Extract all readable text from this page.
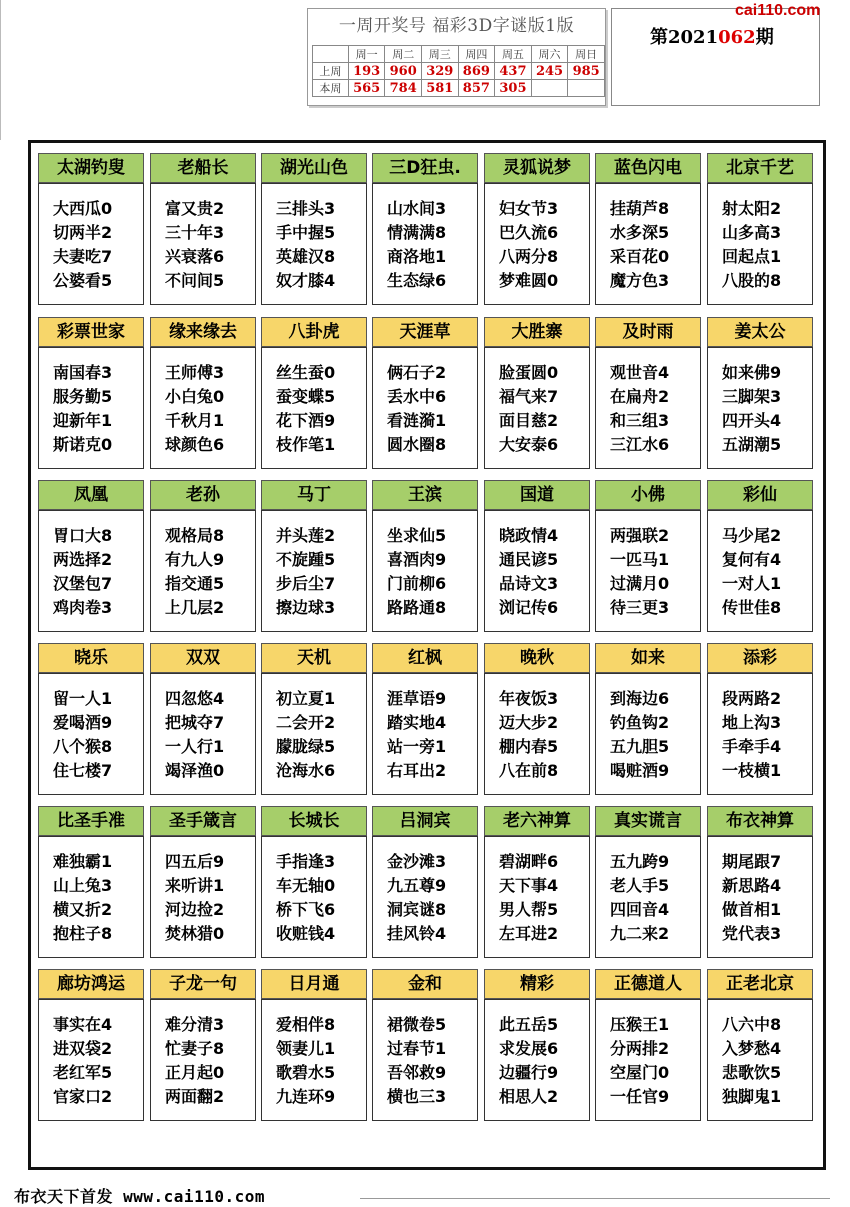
一周开奖号 福彩3D字谜版1版
	周一	周二	周三	周四	周五	周六	周日
上周	193	960	329	869	437	245	985
本周	565	784	581	857	305		
第2021062期
cai110.com
太湖钓叟
大西瓜0
切两半2
夫妻吃7
公婆看5
老船长
富又贵2
三十年3
兴衰落6
不问间5
湖光山色
三排头3
手中握5
英雄汉8
奴才膝4
三D狂虫.
山水间3
情满满8
商洛地1
生态绿6
灵狐说梦
妇女节3
巴久流6
八两分8
梦难圆0
蓝色闪电
挂葫芦8
水多深5
采百花0
魔方色3
北京千艺
射太阳2
山多高3
回起点1
八股的8
彩票世家
南国春3
服务勤5
迎新年1
斯诺克0
缘来缘去
王师傅3
小白兔0
千秋月1
球颜色6
八卦虎
丝生蚕0
蚕变蝶5
花下酒9
枝作笔1
天涯草
俩石子2
丢水中6
看涟漪1
圆水圈8
大胜寨
脸蛋圆0
福气来7
面目慈2
大安泰6
及时雨
观世音4
在扁舟2
和三组3
三江水6
姜太公
如来佛9
三脚架3
四开头4
五湖潮5
凤凰
胃口大8
两选择2
汉堡包7
鸡肉卷3
老孙
观格局8
有九人9
指交通5
上几层2
马丁
并头莲2
不旋踵5
步后尘7
擦边球3
王滨
坐求仙5
喜酒肉9
门前柳6
路路通8
国道
晓政情4
通民谚5
品诗文3
浏记传6
小佛
两强联2
一匹马1
过满月0
待三更3
彩仙
马少尾2
复何有4
一对人1
传世佳8
晓乐
留一人1
爱喝酒9
八个猴8
住七楼7
双双
四忽悠4
把城夺7
一人行1
竭泽渔0
天机
初立夏1
二会开2
朦胧绿5
沧海水6
红枫
涯草语9
踏实地4
站一旁1
右耳出2
晚秋
年夜饭3
迈大步2
棚内春5
八在前8
如来
到海边6
钓鱼钩2
五九胆5
喝赃酒9
添彩
段两路2
地上沟3
手牵手4
一枝横1
比圣手准
难独霸1
山上兔3
横又折2
抱柱子8
圣手箴言
四五后9
来听讲1
河边捡2
焚林猎0
长城长
手指逢3
车无轴0
桥下飞6
收赃钱4
吕洞宾
金沙滩3
九五尊9
洞宾谜8
挂风铃4
老六神算
碧湖畔6
天下事4
男人帮5
左耳进2
真实谎言
五九跨9
老人手5
四回音4
九二来2
布衣神算
期尾跟7
新思路4
做首相1
党代表3
廊坊鸿运
事实在4
进双袋2
老红军5
官家口2
子龙一句
难分清3
忙妻子8
正月起0
两面翻2
日月通
爱相伴8
领妻儿1
歌碧水5
九连环9
金和
裙微卷5
过春节1
吾邻救9
横也三3
精彩
此五岳5
求发展6
边疆行9
相思人2
正德道人
压猴王1
分两排2
空屋门0
一任官9
正老北京
八六中8
入梦愁4
悲歌饮5
独脚鬼1
布衣天下首发 www.cai110.com
